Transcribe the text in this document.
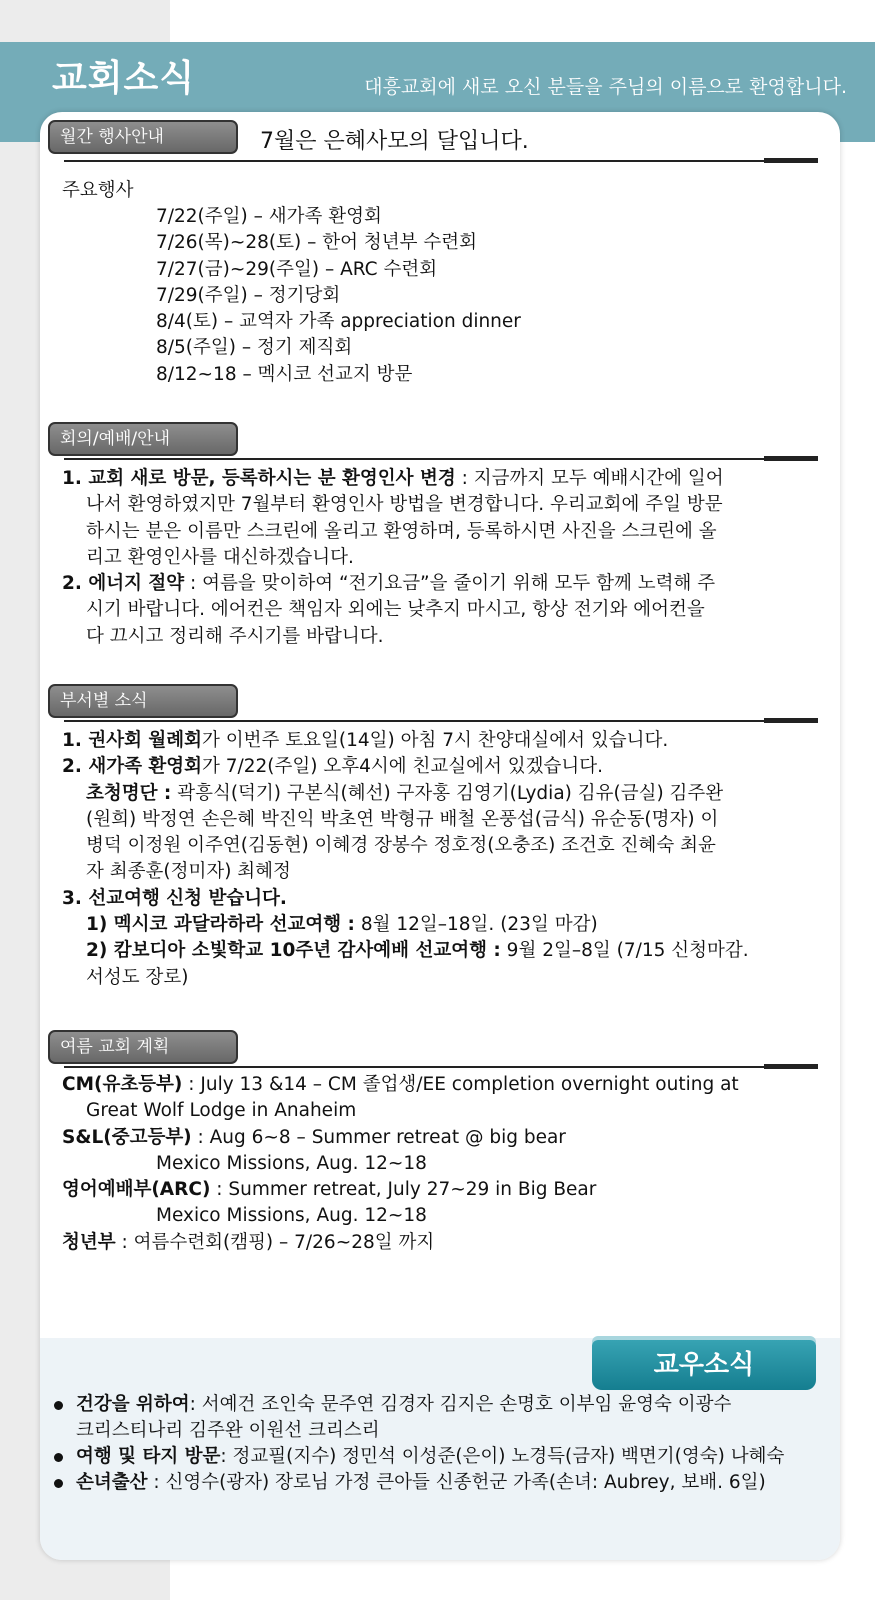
교회소식	대흥교회에 새로 오신 분들을 주님의 이름으로 환영합니다.
월간 행사안내	7월은 은혜사모의 달입니다.
주요행사
7/22(주일) – 새가족 환영회
7/26(목)~28(토) – 한어 청년부 수련회
7/27(금)~29(주일) – ARC 수련회
7/29(주일) – 정기당회
8/4(토) – 교역자 가족 appreciation dinner
8/5(주일) – 정기 제직회
8/12~18 – 멕시코 선교지 방문
회의/예배/안내
1. 교회 새로 방문, 등록하시는 분 환영인사 변경 : 지금까지 모두 예배시간에 일어
나서 환영하였지만 7월부터 환영인사 방법을 변경합니다. 우리교회에 주일 방문
하시는 분은 이름만 스크린에 올리고 환영하며, 등록하시면 사진을 스크린에 올
리고 환영인사를 대신하겠습니다.
2. 에너지 절약 : 여름을 맞이하여 “전기요금”을 줄이기 위해 모두 함께 노력해 주
시기 바랍니다. 에어컨은 책임자 외에는 낮추지 마시고, 항상 전기와 에어컨을
다 끄시고 정리해 주시기를 바랍니다.
부서별 소식
1. 권사회 월례회가 이번주 토요일(14일) 아침 7시 찬양대실에서 있습니다.
2. 새가족 환영회가 7/22(주일) 오후4시에 친교실에서 있겠습니다.
초청명단 : 곽흥식(덕기) 구본식(혜선) 구자홍 김영기(Lydia) 김유(금실) 김주완
(원희) 박정연 손은혜 박진익 박초연 박형규 배철 온풍섭(금식) 유순동(명자) 이
병덕 이정원 이주연(김동현) 이혜경 장봉수 정호정(오충조) 조건호 진혜숙 최윤
자 최종훈(정미자) 최혜정
3. 선교여행 신청 받습니다.
1) 멕시코 과달라하라 선교여행 : 8월 12일–18일. (23일 마감)
2) 캄보디아 소빛학교 10주년 감사예배 선교여행 : 9월 2일–8일 (7/15 신청마감.
서성도 장로)
여름 교회 계획
CM(유초등부) : July 13 &14 – CM 졸업생/EE completion overnight outing at
Great Wolf Lodge in Anaheim
S&L(중고등부) : Aug 6~8 – Summer retreat @ big bear
Mexico Missions, Aug. 12~18
영어예배부(ARC) : Summer retreat, July 27~29 in Big Bear
Mexico Missions, Aug. 12~18
청년부 : 여름수련회(캠핑) – 7/26~28일 까지
교우소식
건강을 위하여: 서예건 조인숙 문주연 김경자 김지은 손명호 이부임 윤영숙 이광수
크리스티나리 김주완 이원선 크리스리
여행 및 타지 방문: 정교필(지수) 정민석 이성준(은이) 노경득(금자) 백면기(영숙) 나혜숙
손녀출산 : 신영수(광자) 장로님 가정 큰아들 신종헌군 가족(손녀: Aubrey, 보배. 6일)
